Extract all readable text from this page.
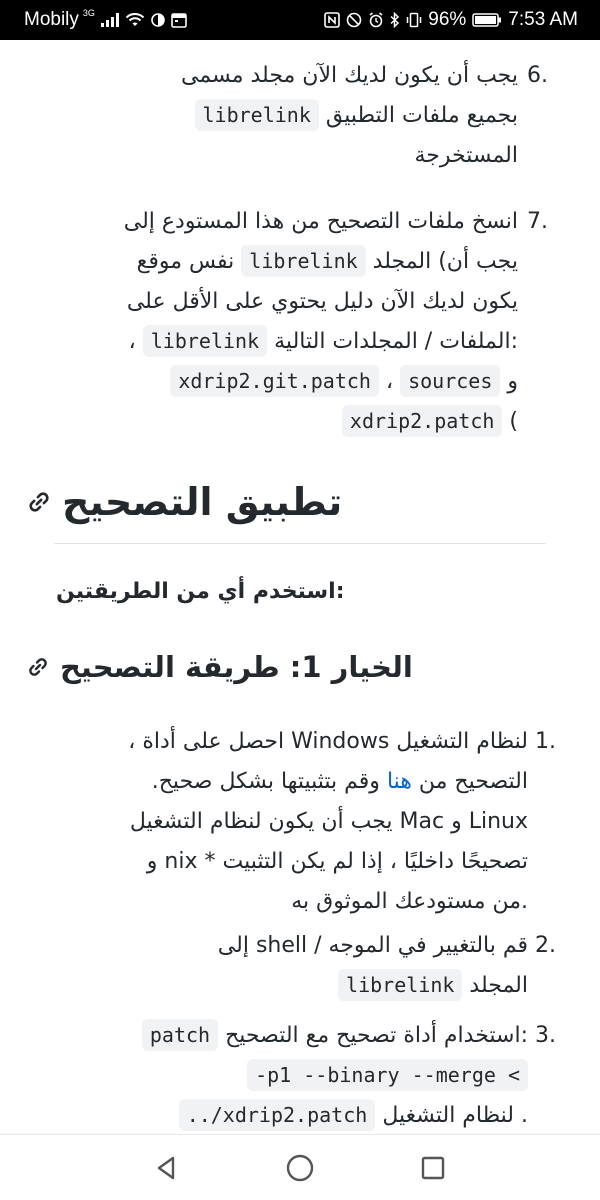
Mobily 3G	96% 7:53 AM
يجب أن يكون لديك الآن مجلد مسمى
بجميع ملفات التطبيق librelink
المستخرجة
6.
انسخ ملفات التصحيح من هذا المستودع إلى
يجب أن) المجلد librelink نفس موقع
يكون لديك الآن دليل يحتوي على الأقل على
:الملفات / المجلدات التالية librelink ،
و sources ، xdrip2.git.patch
) xdrip2.patch
7.
تطبيق التصحيح
:استخدم أي من الطريقتين
الخيار 1: طريقة التصحيح
لنظام التشغيل Windows احصل على أداة ،
التصحيح من هنا وقم بتثبيتها بشكل صحيح.
Linux و Mac يجب أن يكون لنظام التشغيل
تصحيحًا داخليًا ، إذا لم يكن التثبيت nix * و
.من مستودعك الموثوق به
1.
قم بالتغيير في الموجه shell / إلى
المجلد librelink
2.
:استخدام أداة تصحيح مع التصحيح patch
-p1 --binary --merge <
. لنظام التشغيل ../xdrip2.patch
3.
